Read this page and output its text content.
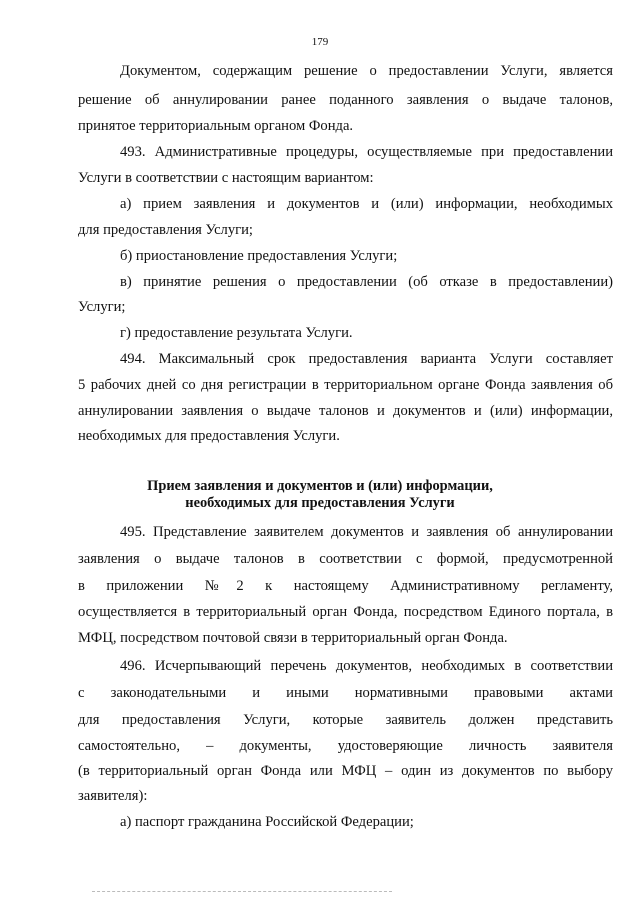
179
Документом, содержащим решение о предоставлении Услуги, является
решение об аннулировании ранее поданного заявления о выдаче талонов,
принятое территориальным органом Фонда.
493. Административные процедуры, осуществляемые при предоставлении
Услуги в соответствии с настоящим вариантом:
а) прием заявления и документов и (или) информации, необходимых
для предоставления Услуги;
б) приостановление предоставления Услуги;
в) принятие решения о предоставлении (об отказе в предоставлении)
Услуги;
г) предоставление результата Услуги.
494. Максимальный срок предоставления варианта Услуги составляет
5 рабочих дней со дня регистрации в территориальном органе Фонда заявления об
аннулировании заявления о выдаче талонов и документов и (или) информации,
необходимых для предоставления Услуги.
Прием заявления и документов и (или) информации,
необходимых для предоставления Услуги
495. Представление заявителем документов и заявления об аннулировании
заявления о выдаче талонов в соответствии с формой, предусмотренной
в приложении №2 к настоящему Административному регламенту,
осуществляется в территориальный орган Фонда, посредством Единого портала, в
МФЦ, посредством почтовой связи в территориальный орган Фонда.
496. Исчерпывающий перечень документов, необходимых в соответствии
с законодательными и иными нормативными правовыми актами
для предоставления Услуги, которые заявитель должен представить
самостоятельно, – документы, удостоверяющие личность заявителя
(в территориальный орган Фонда или МФЦ – один из документов по выбору
заявителя):
а) паспорт гражданина Российской Федерации;
